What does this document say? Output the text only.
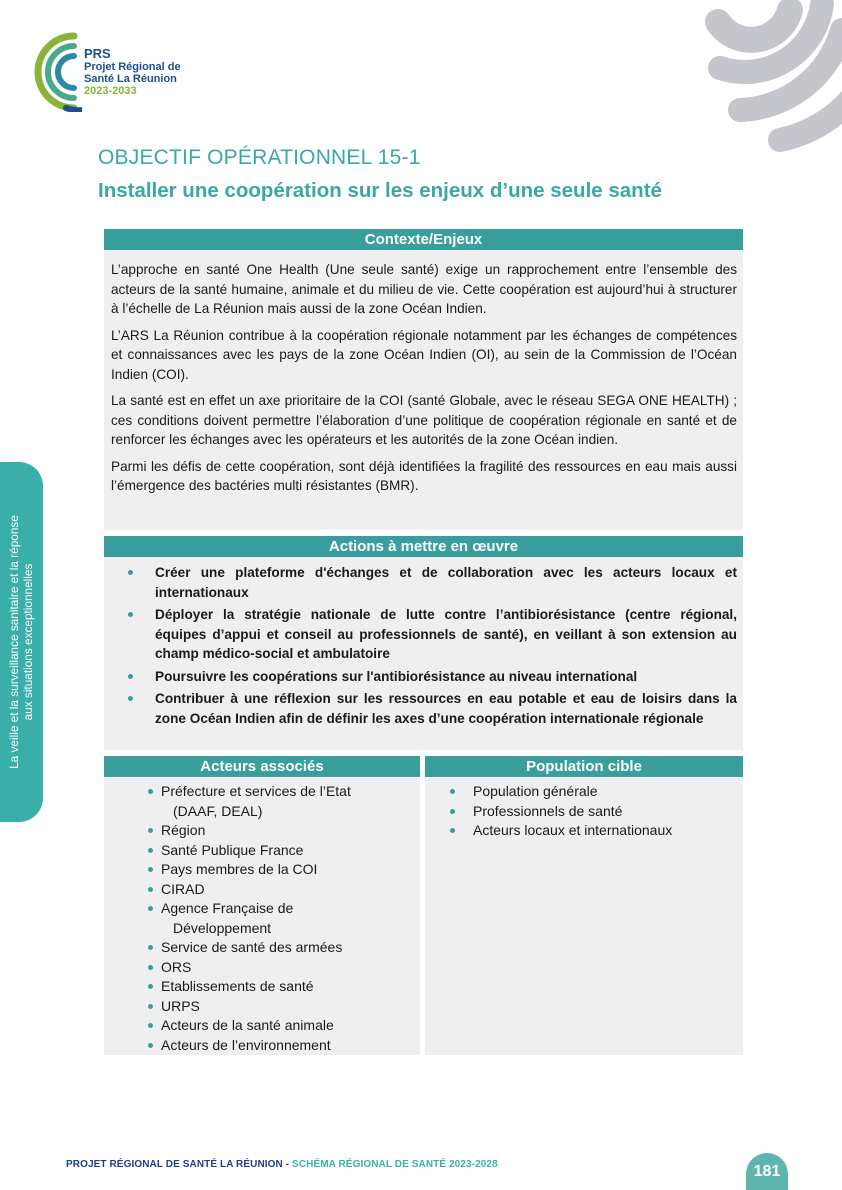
PRS
Projet Régional de
Santé La Réunion
2023-2033
OBJECTIF OPÉRATIONNEL 15-1
Installer une coopération sur les enjeux d’une seule santé
Contexte/Enjeux

L’approche en santé One Health (Une seule santé) exige un rapprochement entre l’ensemble des acteurs de la santé humaine, animale et du milieu de vie. Cette coopération est aujourd’hui à structurer à l’échelle de La Réunion mais aussi de la zone Océan Indien.

L’ARS La Réunion contribue à la coopération régionale notamment par les échanges de compétences et connaissances avec les pays de la zone Océan Indien (OI), au sein de la Commission de l’Océan Indien (COI).

La santé est en effet un axe prioritaire de la COI (santé Globale, avec le réseau SEGA ONE HEALTH) ; ces conditions doivent permettre l’élaboration d’une politique de coopération régionale en santé et de renforcer les échanges avec les opérateurs et les autorités de la zone Océan indien.

Parmi les défis de cette coopération, sont déjà identifiées la fragilité des ressources en eau mais aussi l’émergence des bactéries multi résistantes (BMR).

Actions à mettre en œuvre
Créer une plateforme d'échanges et de collaboration avec les acteurs locaux et internationaux
Déployer la stratégie nationale de lutte contre l’antibiorésistance (centre régional, équipes d’appui et conseil au professionnels de santé), en veillant à son extension au champ médico-social et ambulatoire
Poursuivre les coopérations sur l'antibiorésistance au niveau international
Contribuer à une réflexion sur les ressources en eau potable et eau de loisirs dans la zone Océan Indien afin de définir les axes d’une coopération internationale régionale
Acteurs associés
Préfecture et services de l’Etat
(DAAF, DEAL)
Région
Santé Publique France
Pays membres de la COI
CIRAD
Agence Française de
Développement
Service de santé des armées
ORS
Etablissements de santé
URPS
Acteurs de la santé animale
Acteurs de l’environnement
Population cible
Population générale
Professionnels de santé
Acteurs locaux et internationaux
La veille et la surveillance sanitaire et la réponse aux situations exceptionnelles
PROJET RÉGIONAL DE SANTÉ LA RÉUNION - SCHÉMA RÉGIONAL DE SANTÉ 2023-2028	181
